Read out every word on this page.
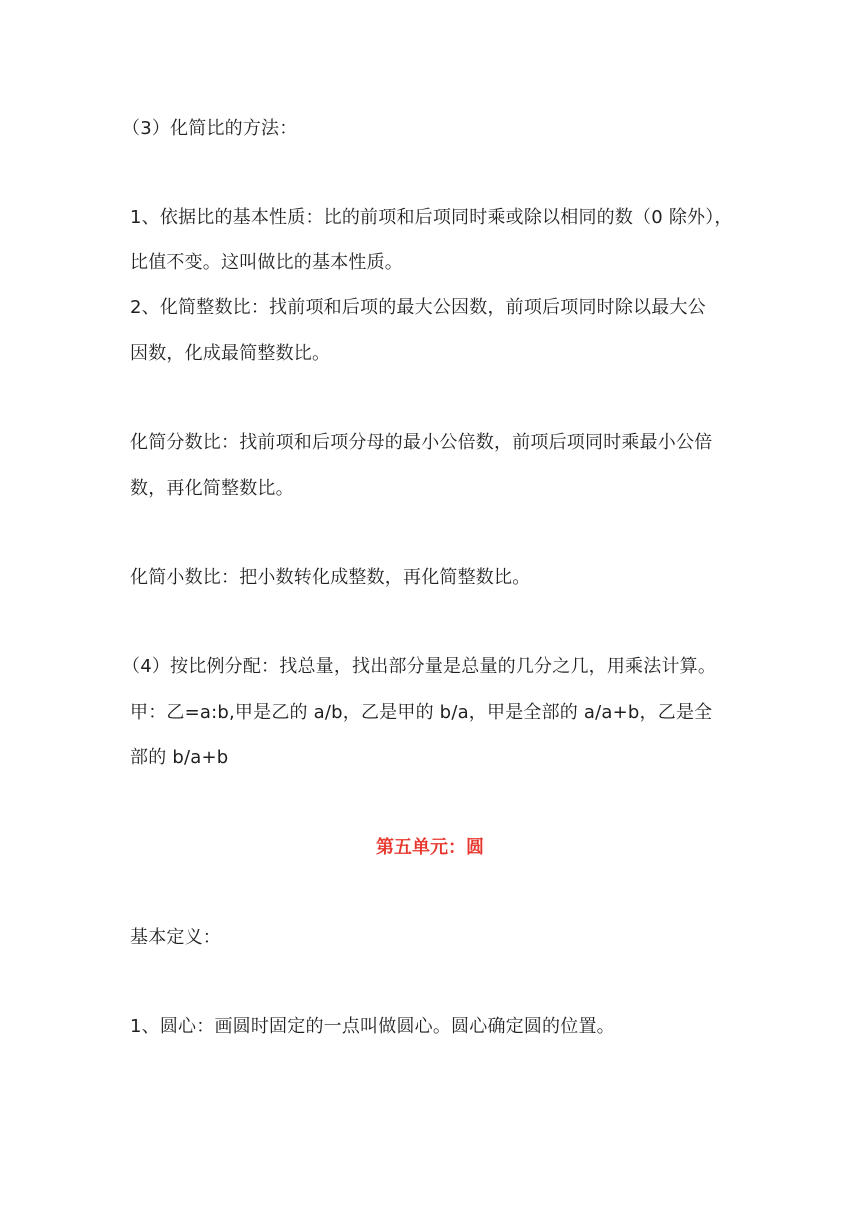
（3）化简比的方法：
1、依据比的基本性质：比的前项和后项同时乘或除以相同的数（0 除外），
比值不变。这叫做比的基本性质。
2、化简整数比：找前项和后项的最大公因数，前项后项同时除以最大公
因数，化成最简整数比。
化简分数比：找前项和后项分母的最小公倍数，前项后项同时乘最小公倍
数，再化简整数比。
化简小数比：把小数转化成整数，再化简整数比。
（4）按比例分配：找总量，找出部分量是总量的几分之几，用乘法计算。
甲：乙=a:b,甲是乙的 a/b，乙是甲的 b/a，甲是全部的 a/a+b，乙是全
部的 b/a+b
第五单元：圆
基本定义：
1、圆心：画圆时固定的一点叫做圆心。圆心确定圆的位置。
